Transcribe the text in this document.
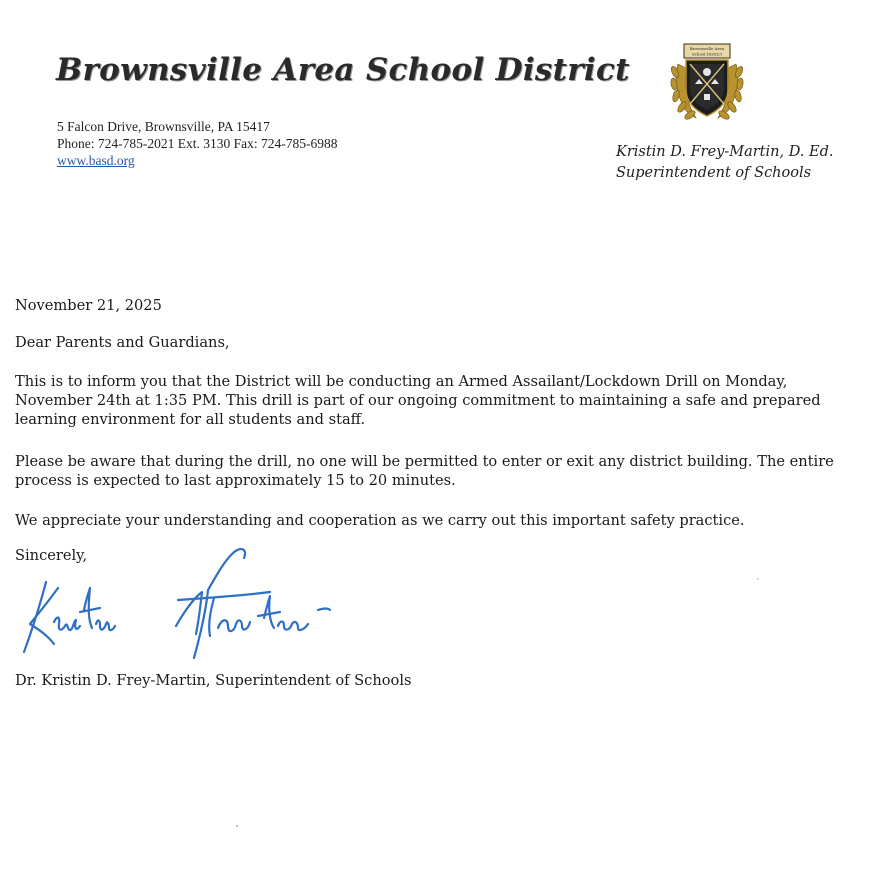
Brownsville Area School District
5 Falcon Drive, Brownsville, PA 15417
Phone: 724-785-2021 Ext. 3130 Fax: 724-785-6988
www.basd.org
Brownsville Area
School District
Kristin D. Frey-Martin, D. Ed.
Superintendent of Schools

November 21, 2025

Dear Parents and Guardians,

This is to inform you that the District will be conducting an Armed Assailant/Lockdown Drill on Monday, November 24th at 1:35 PM. This drill is part of our ongoing commitment to maintaining a safe and prepared learning environment for all students and staff.

Please be aware that during the drill, no one will be permitted to enter or exit any district building. The entire process is expected to last approximately 15 to 20 minutes.

We appreciate your understanding and cooperation as we carry out this important safety practice.

Sincerely,

Dr. Kristin D. Frey-Martin, Superintendent of Schools
